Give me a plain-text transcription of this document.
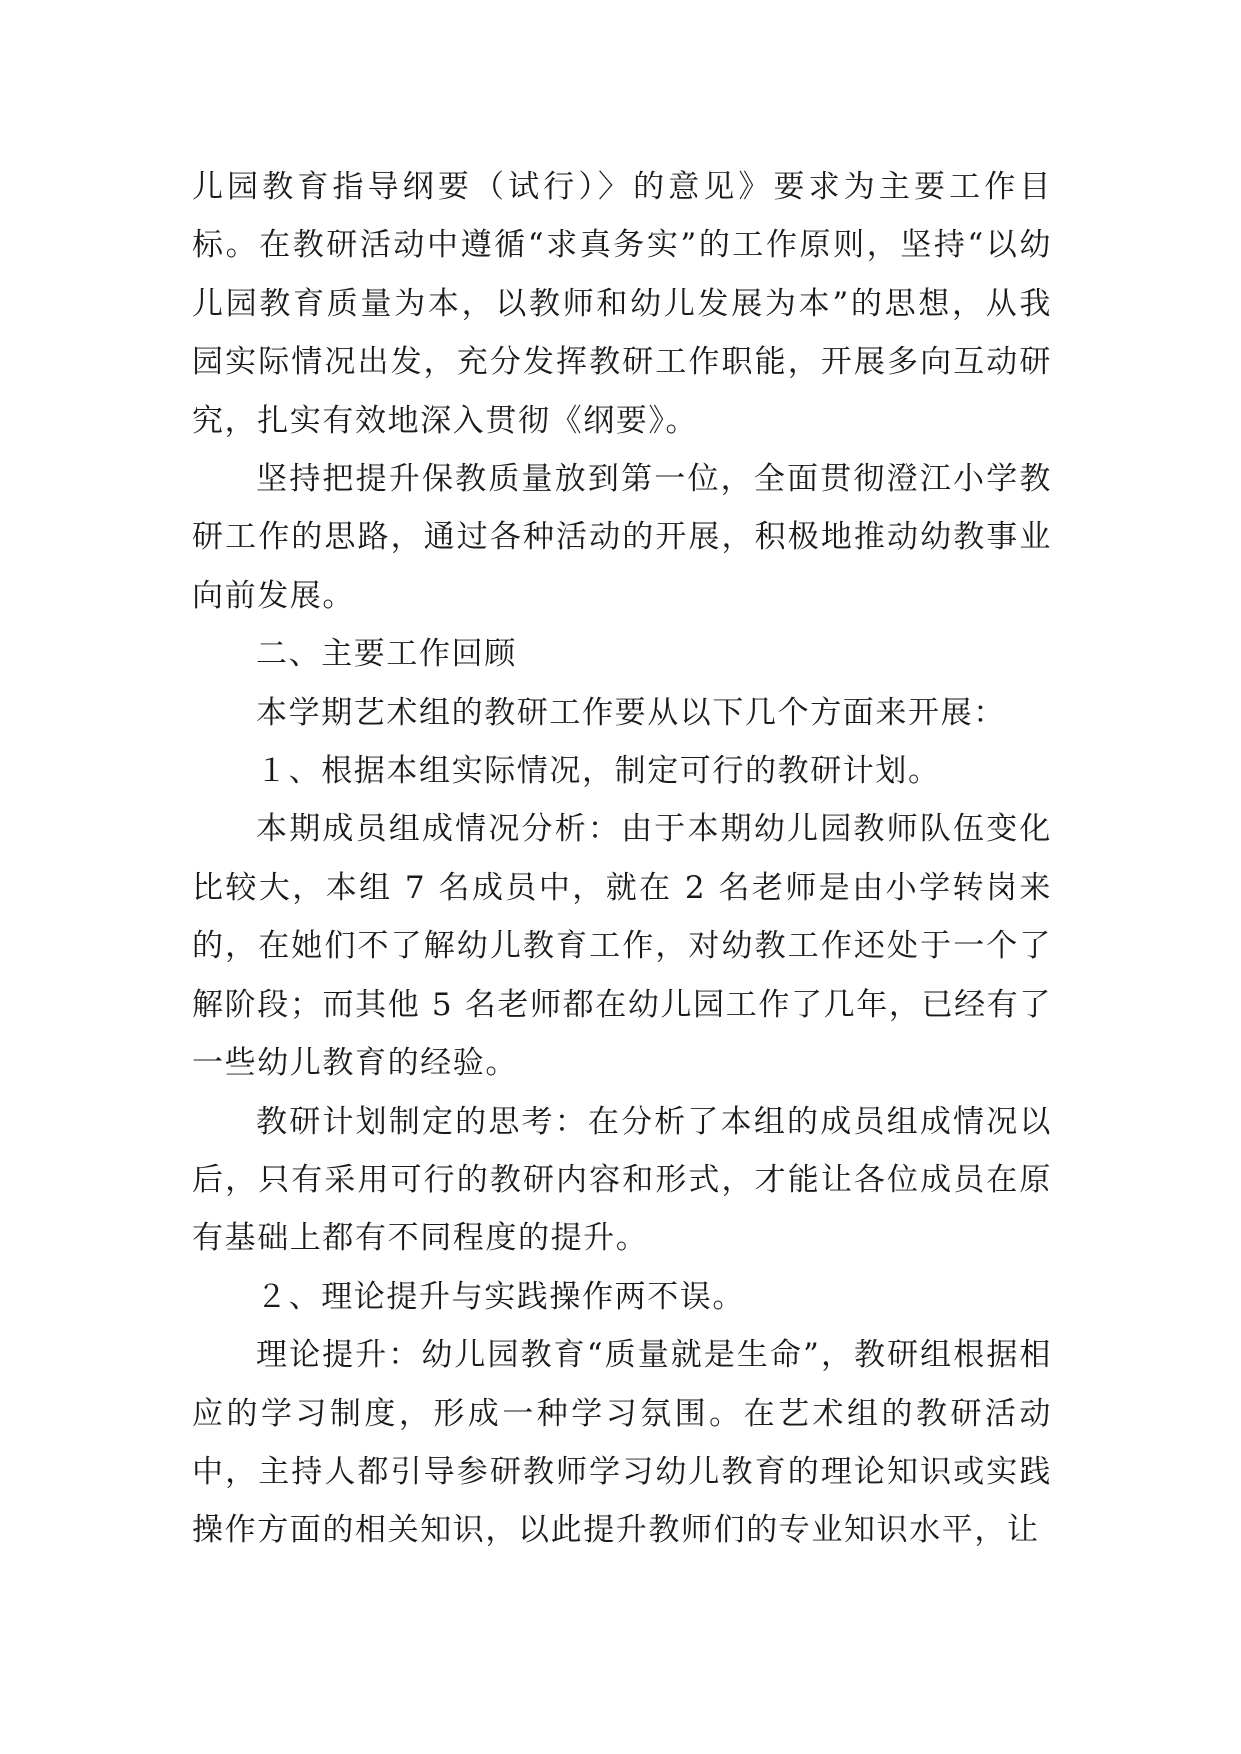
儿园教育指导纲要（试行）〉的意见》要求为主要工作目标。在教研活动中遵循“求真务实”的工作原则，坚持“以幼儿园教育质量为本，以教师和幼儿发展为本”的思想，从我园实际情况出发，充分发挥教研工作职能，开展多向互动研究，扎实有效地深入贯彻《纲要》。

坚持把提升保教质量放到第一位，全面贯彻澄江小学教研工作的思路，通过各种活动的开展，积极地推动幼教事业向前发展。

二、主要工作回顾

本学期艺术组的教研工作要从以下几个方面来开展：

１、根据本组实际情况，制定可行的教研计划。

本期成员组成情况分析：由于本期幼儿园教师队伍变化比较大，本组 7 名成员中，就在 2 名老师是由小学转岗来的，在她们不了解幼儿教育工作，对幼教工作还处于一个了解阶段；而其他 5 名老师都在幼儿园工作了几年，已经有了一些幼儿教育的经验。

教研计划制定的思考：在分析了本组的成员组成情况以后，只有采用可行的教研内容和形式，才能让各位成员在原有基础上都有不同程度的提升。

２、理论提升与实践操作两不误。

理论提升：幼儿园教育“质量就是生命”，教研组根据相应的学习制度，形成一种学习氛围。在艺术组的教研活动中，主持人都引导参研教师学习幼儿教育的理论知识或实践操作方面的相关知识，以此提升教师们的专业知识水平，让
